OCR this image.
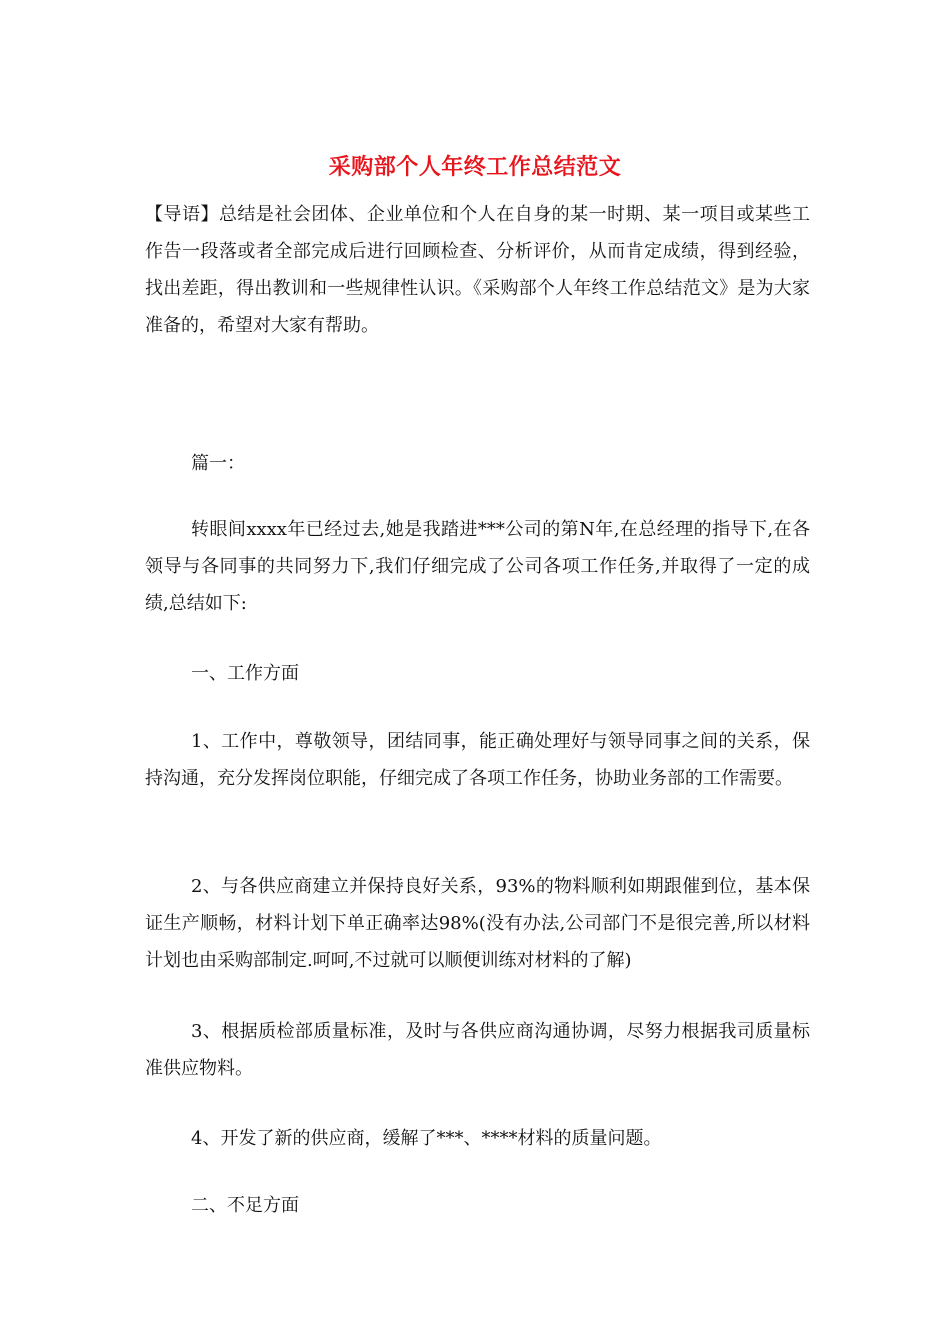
采购部个人年终工作总结范文
【导语】总结是社会团体、企业单位和个人在自身的某一时期、某一项目或某些工作告一段落或者全部完成后进行回顾检查、分析评价，从而肯定成绩，得到经验，找出差距，得出教训和一些规律性认识。《采购部个人年终工作总结范文》是为大家准备的，希望对大家有帮助。
篇一：
转眼间xxxx年已经过去,她是我踏进***公司的第N年,在总经理的指导下,在各领导与各同事的共同努力下,我们仔细完成了公司各项工作任务,并取得了一定的成绩,总结如下:
一、工作方面
1、工作中，尊敬领导，团结同事，能正确处理好与领导同事之间的关系，保持沟通，充分发挥岗位职能，仔细完成了各项工作任务，协助业务部的工作需要。
2、与各供应商建立并保持良好关系，93%的物料顺利如期跟催到位，基本保证生产顺畅，材料计划下单正确率达98%(没有办法,公司部门不是很完善,所以材料计划也由采购部制定.呵呵,不过就可以顺便训练对材料的了解)
3、根据质检部质量标准，及时与各供应商沟通协调，尽努力根据我司质量标准供应物料。
4、开发了新的供应商，缓解了***、****材料的质量问题。
二、不足方面
